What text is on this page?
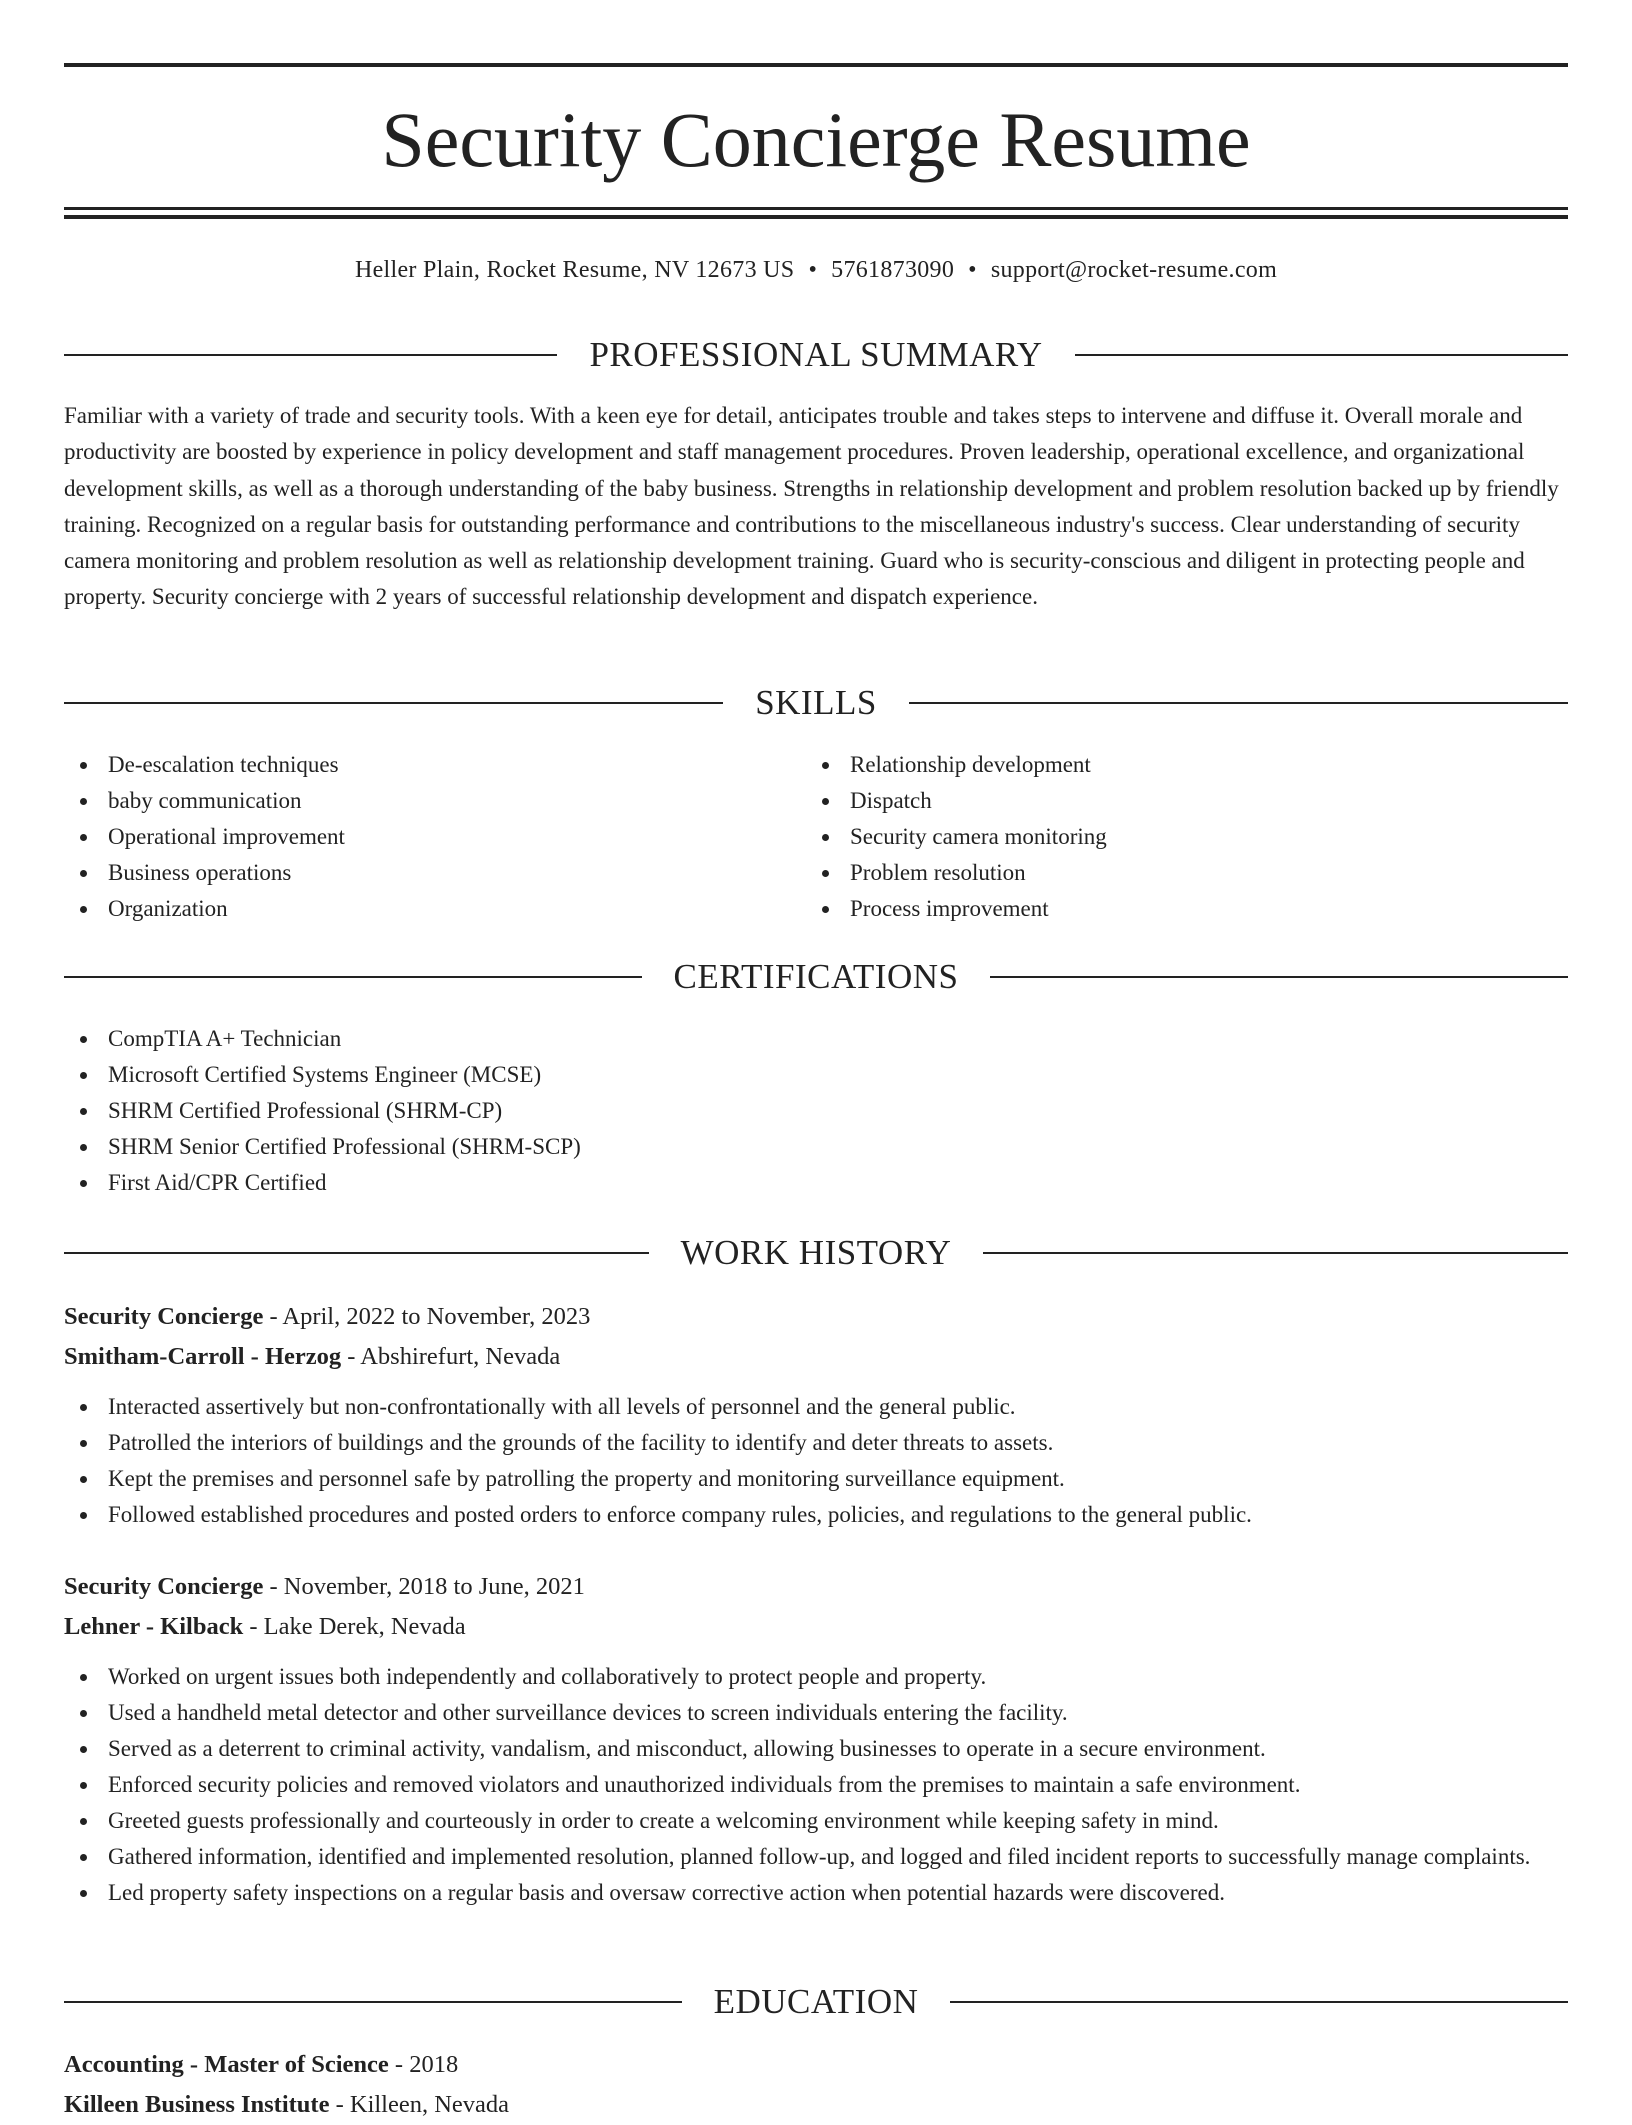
Security Concierge Resume
Heller Plain, Rocket Resume, NV 12673 US • 5761873090 • support@rocket-resume.com
PROFESSIONAL SUMMARY

Familiar with a variety of trade and security tools. With a keen eye for detail, anticipates trouble and takes steps to intervene and diffuse it. Overall morale and productivity are boosted by experience in policy development and staff management procedures. Proven leadership, operational excellence, and organizational development skills, as well as a thorough understanding of the baby business. Strengths in relationship development and problem resolution backed up by friendly training. Recognized on a regular basis for outstanding performance and contributions to the miscellaneous industry's success. Clear understanding of security camera monitoring and problem resolution as well as relationship development training. Guard who is security-conscious and diligent in protecting people and property. Security concierge with 2 years of successful relationship development and dispatch experience.

SKILLS
De-escalation techniques
baby communication
Operational improvement
Business operations
Organization
Relationship development
Dispatch
Security camera monitoring
Problem resolution
Process improvement
CERTIFICATIONS
CompTIA A+ Technician
Microsoft Certified Systems Engineer (MCSE)
SHRM Certified Professional (SHRM-CP)
SHRM Senior Certified Professional (SHRM-SCP)
First Aid/CPR Certified
WORK HISTORY
Security Concierge - April, 2022 to November, 2023
Smitham-Carroll - Herzog - Abshirefurt, Nevada
Interacted assertively but non-confrontationally with all levels of personnel and the general public.
Patrolled the interiors of buildings and the grounds of the facility to identify and deter threats to assets.
Kept the premises and personnel safe by patrolling the property and monitoring surveillance equipment.
Followed established procedures and posted orders to enforce company rules, policies, and regulations to the general public.
Security Concierge - November, 2018 to June, 2021
Lehner - Kilback - Lake Derek, Nevada
Worked on urgent issues both independently and collaboratively to protect people and property.
Used a handheld metal detector and other surveillance devices to screen individuals entering the facility.
Served as a deterrent to criminal activity, vandalism, and misconduct, allowing businesses to operate in a secure environment.
Enforced security policies and removed violators and unauthorized individuals from the premises to maintain a safe environment.
Greeted guests professionally and courteously in order to create a welcoming environment while keeping safety in mind.
Gathered information, identified and implemented resolution, planned follow-up, and logged and filed incident reports to successfully manage complaints.
Led property safety inspections on a regular basis and oversaw corrective action when potential hazards were discovered.
EDUCATION
Accounting - Master of Science - 2018
Killeen Business Institute - Killeen, Nevada
